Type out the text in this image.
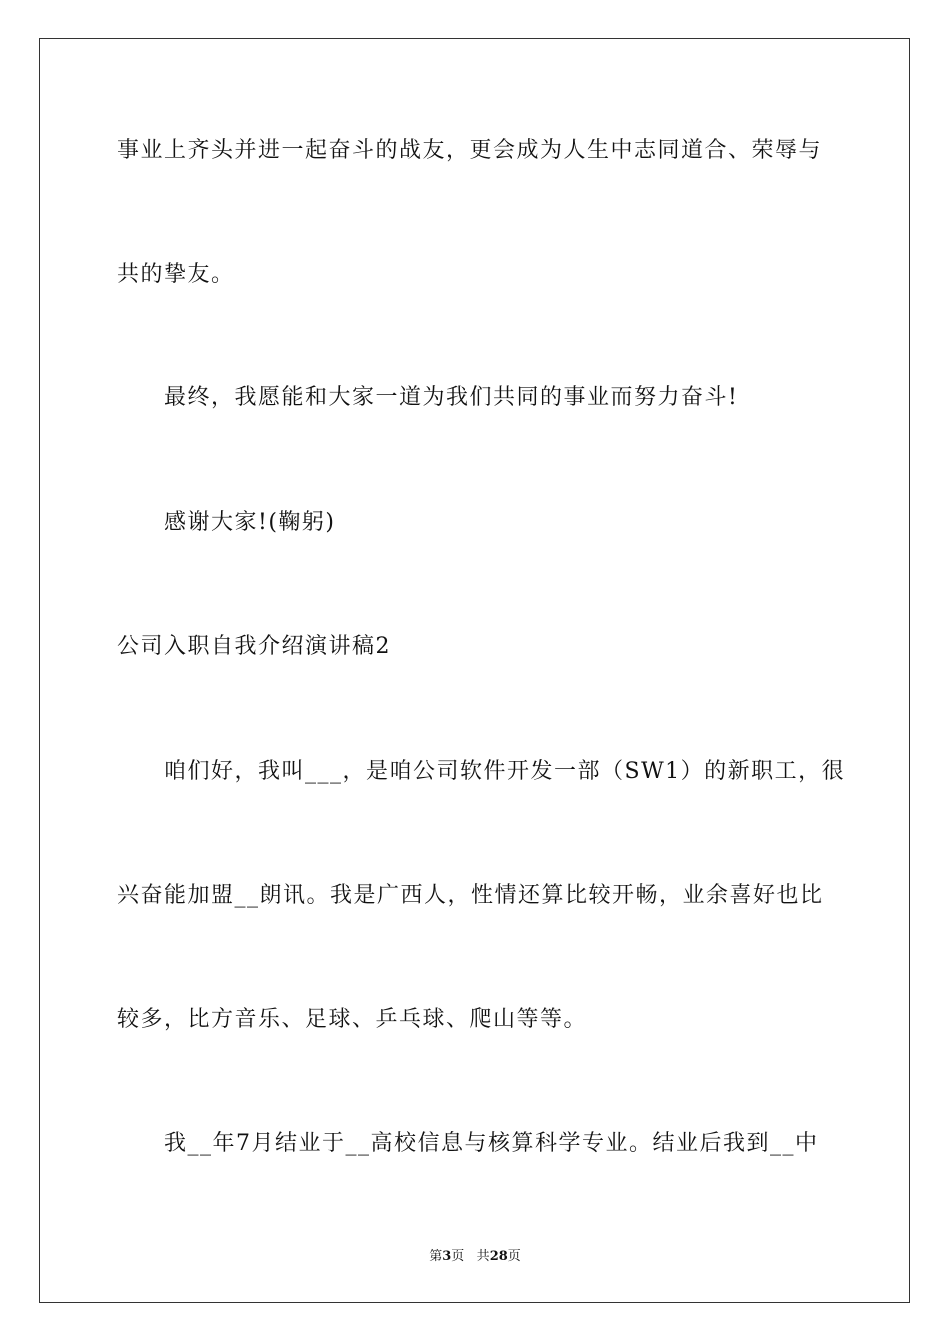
事业上齐头并进一起奋斗的战友，更会成为人生中志同道合、荣辱与
共的挚友。
最终，我愿能和大家一道为我们共同的事业而努力奋斗!
感谢大家!(鞠躬)
公司入职自我介绍演讲稿2
咱们好，我叫___，是咱公司软件开发一部（SW1）的新职工，很
兴奋能加盟__朗讯。我是广西人，性情还算比较开畅，业余喜好也比
较多，比方音乐、足球、乒乓球、爬山等等。
我__年7月结业于__高校信息与核算科学专业。结业后我到__中
第3页 共28页
